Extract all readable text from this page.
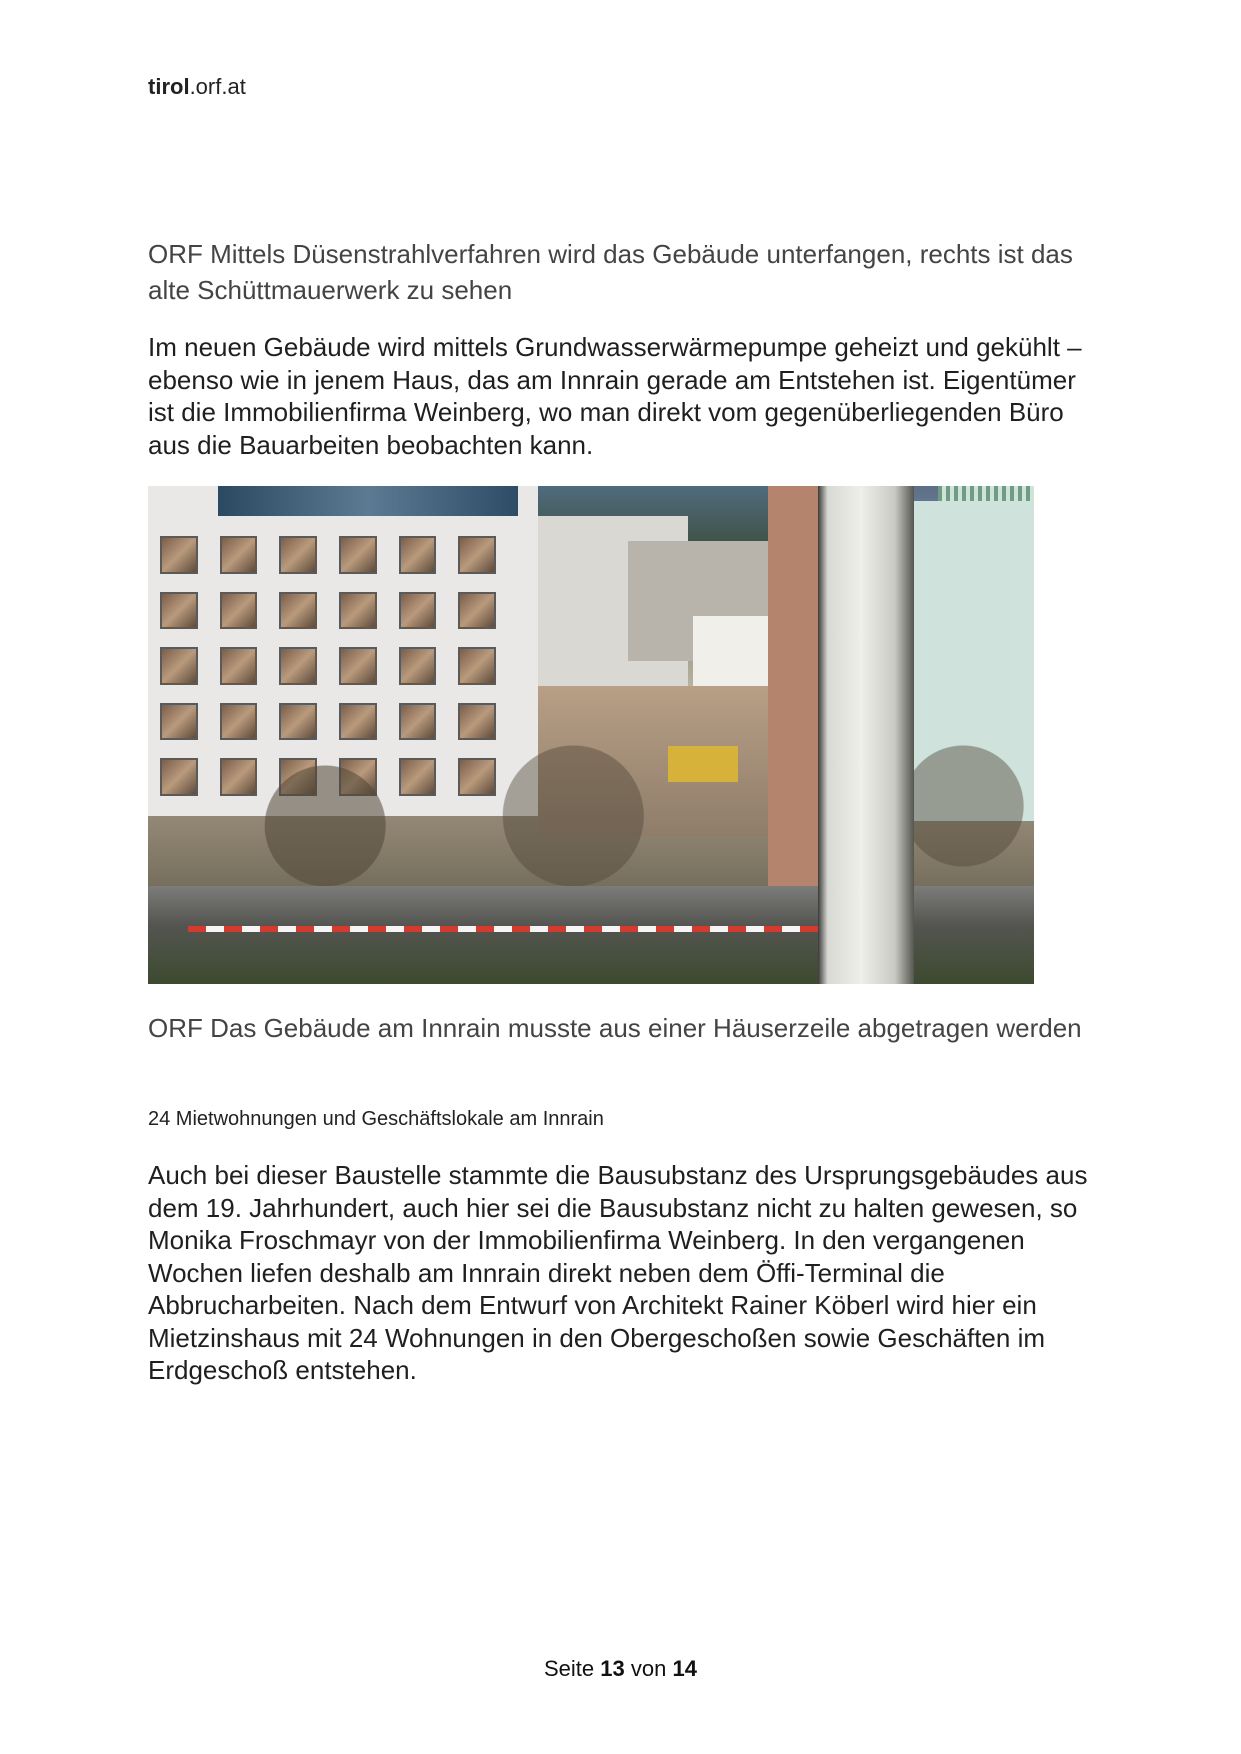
tirol.orf.at

ORF Mittels Düsenstrahlverfahren wird das Gebäude unterfangen, rechts ist das alte Schüttmauerwerk zu sehen

Im neuen Gebäude wird mittels Grundwasserwärmepumpe geheizt und gekühlt – ebenso wie in jenem Haus, das am Innrain gerade am Entstehen ist. Eigentümer ist die Immobilienfirma Weinberg, wo man direkt vom gegenüberliegenden Büro aus die Bauarbeiten beobachten kann.

ORF Das Gebäude am Innrain musste aus einer Häuserzeile abgetragen werden

24 Mietwohnungen und Geschäftslokale am Innrain

Auch bei dieser Baustelle stammte die Bausubstanz des Ursprungsgebäudes aus dem 19. Jahrhundert, auch hier sei die Bausubstanz nicht zu halten gewesen, so Monika Froschmayr von der Immobilienfirma Weinberg. In den vergangenen Wochen liefen deshalb am Innrain direkt neben dem Öffi-Terminal die Abbrucharbeiten. Nach dem Entwurf von Architekt Rainer Köberl wird hier ein Mietzinshaus mit 24 Wohnungen in den Obergeschoßen sowie Geschäften im Erdgeschoß entstehen.

Seite 13 von 14
